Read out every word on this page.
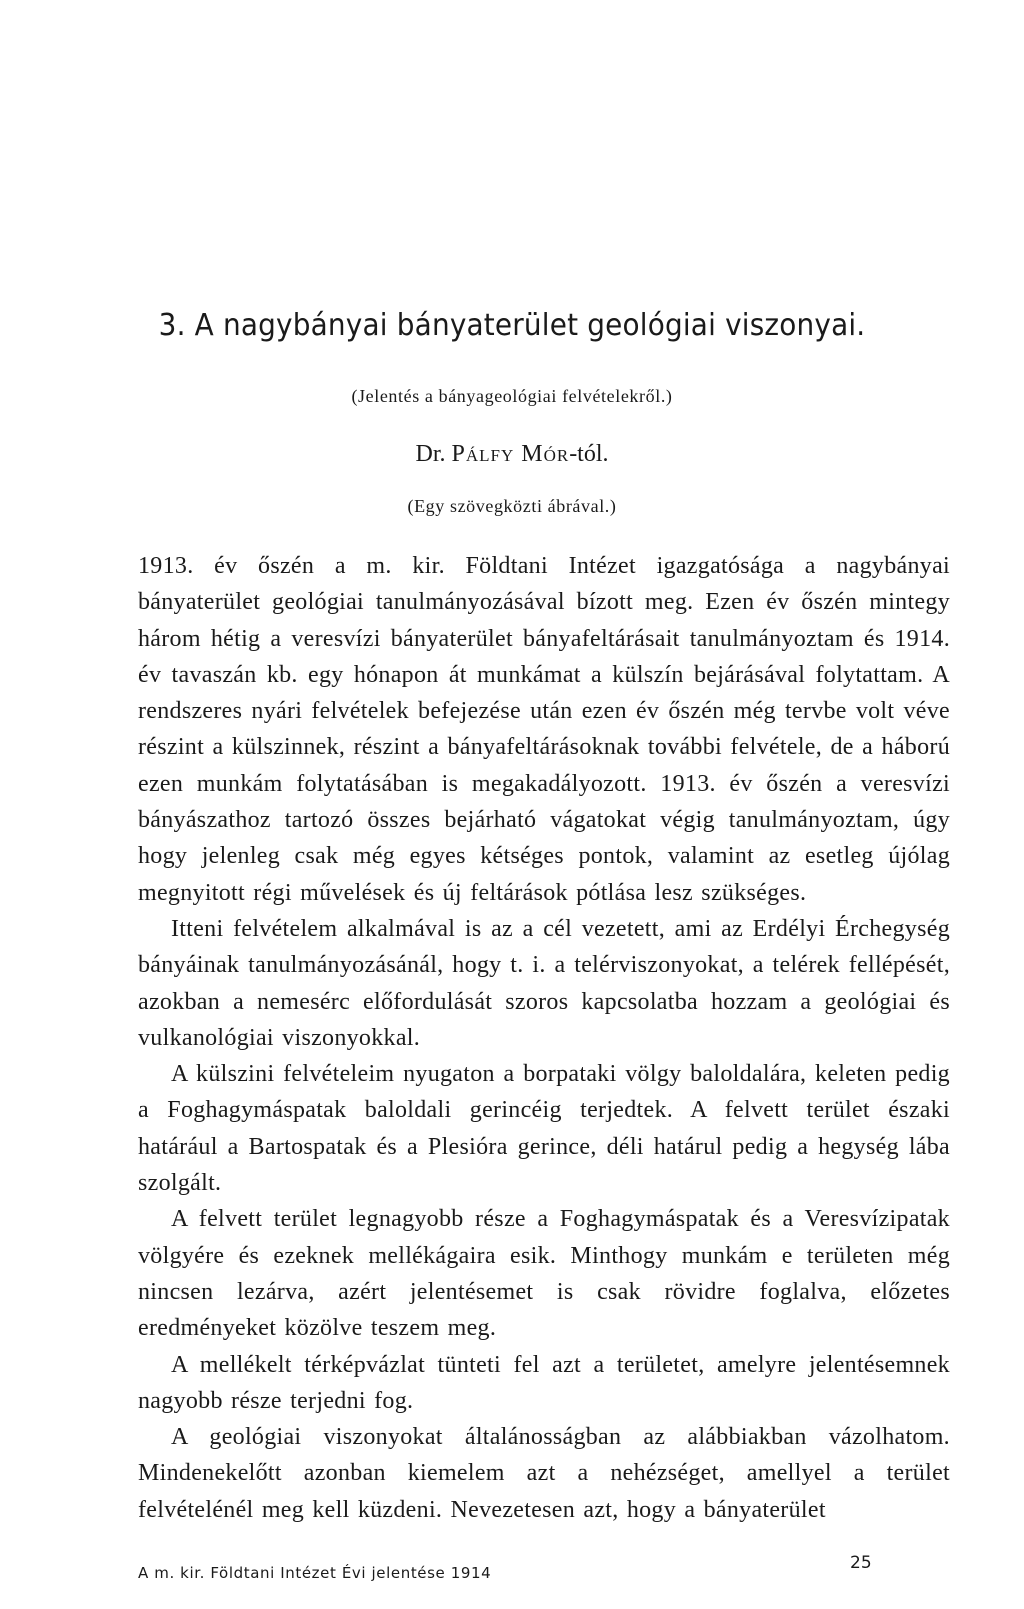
3. A nagybányai bányaterület geológiai viszonyai.
(Jelentés a bányageológiai felvételekről.)
Dr. Pálfy Mór-tól.
(Egy szövegközti ábrával.)

1913. év őszén a m. kir. Földtani Intézet igazgatósága a nagybányai bányaterület geológiai tanulmányozásával bízott meg. Ezen év őszén mintegy három hétig a veresvízi bányaterület bányafeltárásait tanulmányoztam és 1914. év tavaszán kb. egy hónapon át munkámat a külszín bejárásával folytattam. A rendszeres nyári felvételek befejezése után ezen év őszén még tervbe volt véve részint a külszinnek, részint a bányafeltárásoknak további felvétele, de a háború ezen munkám folytatásában is megakadályozott. 1913. év őszén a veresvízi bányászathoz tartozó összes bejárható vágatokat végig tanulmányoztam, úgy hogy jelenleg csak még egyes kétséges pontok, valamint az esetleg újólag megnyitott régi művelések és új feltárások pótlása lesz szükséges.

Itteni felvételem alkalmával is az a cél vezetett, ami az Erdélyi Érchegység bányáinak tanulmányozásánál, hogy t. i. a telérviszonyokat, a telérek fellépését, azokban a nemesérc előfordulását szoros kapcsolatba hozzam a geológiai és vulkanológiai viszonyokkal.

A külszini felvételeim nyugaton a borpataki völgy baloldalára, keleten pedig a Foghagymáspatak baloldali gerincéig terjedtek. A felvett terület északi határául a Bartospatak és a Plesióra gerince, déli határul pedig a hegység lába szolgált.

A felvett terület legnagyobb része a Foghagymáspatak és a Veresvízipatak völgyére és ezeknek mellékágaira esik. Minthogy munkám e területen még nincsen lezárva, azért jelentésemet is csak rövidre foglalva, előzetes eredményeket közölve teszem meg.

A mellékelt térképvázlat tünteti fel azt a területet, amelyre jelentésemnek nagyobb része terjedni fog.

A geológiai viszonyokat általánosságban az alábbiakban vázolhatom. Mindenekelőtt azonban kiemelem azt a nehézséget, amellyel a terület felvételénél meg kell küzdeni. Nevezetesen azt, hogy a bányaterület

A m. kir. Földtani Intézet Évi jelentése 1914	25
